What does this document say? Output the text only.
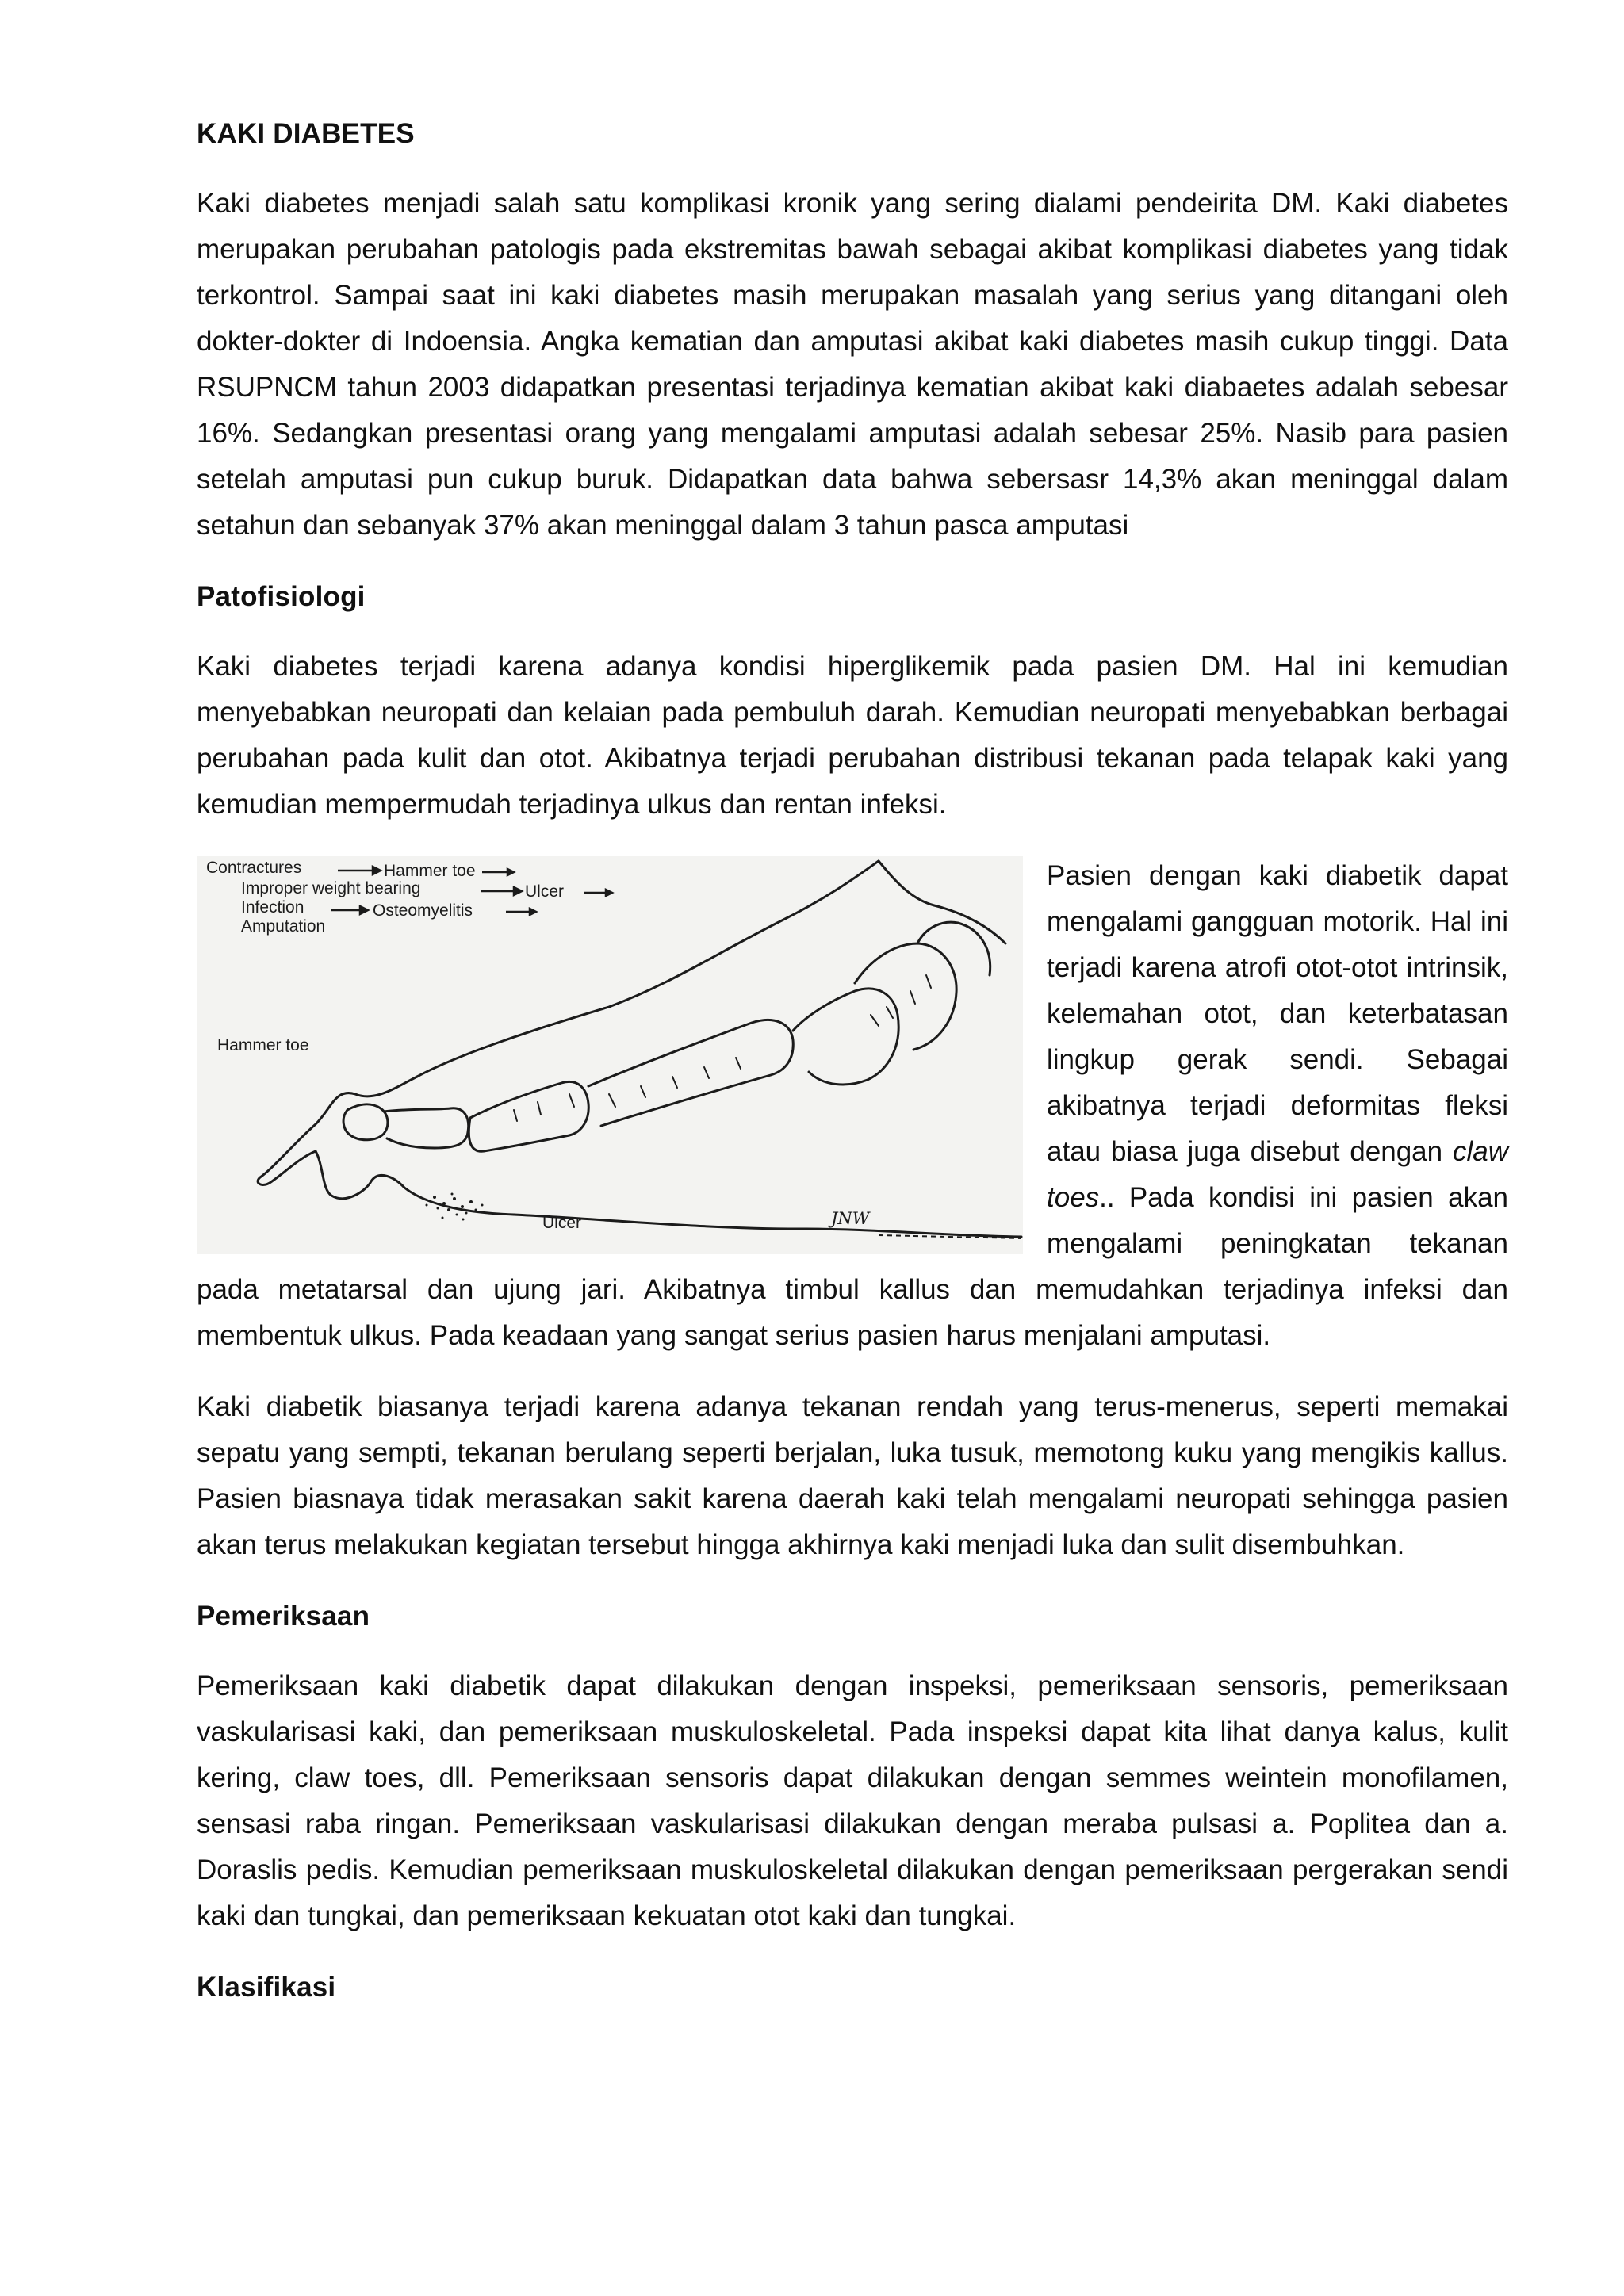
KAKI DIABETES

Kaki diabetes menjadi salah satu komplikasi kronik yang sering dialami pendeirita DM. Kaki diabetes merupakan perubahan patologis pada ekstremitas bawah sebagai akibat komplikasi diabetes yang tidak terkontrol. Sampai saat ini kaki diabetes masih merupakan masalah yang serius yang ditangani oleh dokter-dokter di Indoensia. Angka kematian dan amputasi akibat kaki diabetes masih cukup tinggi. Data RSUPNCM tahun 2003 didapatkan presentasi terjadinya kematian akibat kaki diabaetes adalah sebesar 16%. Sedangkan presentasi orang yang mengalami amputasi adalah sebesar 25%. Nasib para pasien setelah amputasi pun cukup buruk. Didapatkan data bahwa sebersasr 14,3% akan meninggal dalam setahun dan sebanyak 37% akan meninggal dalam 3 tahun pasca amputasi

Patofisiologi

Kaki diabetes terjadi karena adanya kondisi hiperglikemik pada pasien DM. Hal ini kemudian menyebabkan neuropati dan kelaian pada pembuluh darah. Kemudian neuropati menyebabkan berbagai perubahan pada kulit dan otot. Akibatnya terjadi perubahan distribusi tekanan pada telapak kaki yang kemudian mempermudah terjadinya ulkus dan rentan infeksi.

Contractures	Hammer toe
Improper weight bearing	Ulcer
Infection	Osteomyelitis
Amputation
Hammer toe
Ulcer	JNW

Pasien dengan kaki diabetik dapat mengalami gangguan motorik. Hal ini terjadi karena atrofi otot-otot intrinsik, kelemahan otot, dan keterbatasan lingkup gerak sendi. Sebagai akibatnya terjadi deformitas fleksi atau biasa juga disebut dengan claw toes.. Pada kondisi ini pasien akan mengalami peningkatan tekanan pada metatarsal dan ujung jari. Akibatnya timbul kallus dan memudahkan terjadinya infeksi dan membentuk ulkus. Pada keadaan yang sangat serius pasien harus menjalani amputasi.

Kaki diabetik biasanya terjadi karena adanya tekanan rendah yang terus-menerus, seperti memakai sepatu yang sempti, tekanan berulang seperti berjalan, luka tusuk, memotong kuku yang mengikis kallus. Pasien biasnaya tidak merasakan sakit karena daerah kaki telah mengalami neuropati sehingga pasien akan terus melakukan kegiatan tersebut hingga akhirnya kaki menjadi luka dan sulit disembuhkan.

Pemeriksaan

Pemeriksaan kaki diabetik dapat dilakukan dengan inspeksi, pemeriksaan sensoris, pemeriksaan vaskularisasi kaki, dan pemeriksaan muskuloskeletal. Pada inspeksi dapat kita lihat danya kalus, kulit kering, claw toes, dll. Pemeriksaan sensoris dapat dilakukan dengan semmes weintein monofilamen, sensasi raba ringan. Pemeriksaan vaskularisasi dilakukan dengan meraba pulsasi a. Poplitea dan a. Doraslis pedis. Kemudian pemeriksaan muskuloskeletal dilakukan dengan pemeriksaan pergerakan sendi kaki dan tungkai, dan pemeriksaan kekuatan otot kaki dan tungkai.

Klasifikasi
